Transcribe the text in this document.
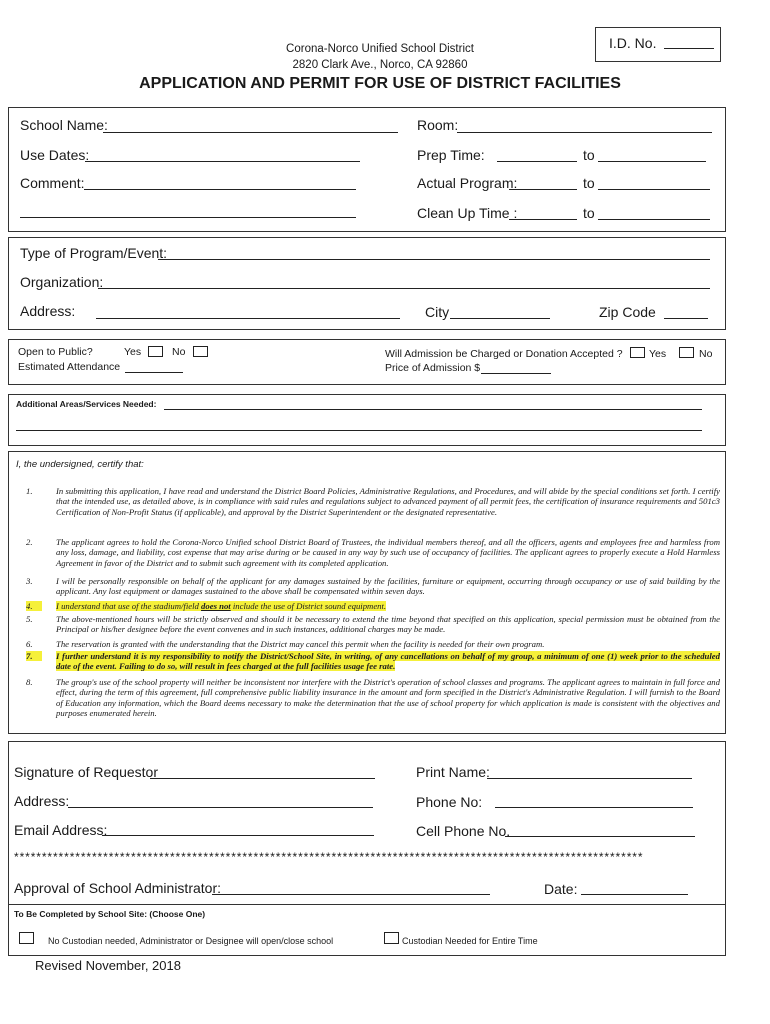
I.D. No.
Corona-Norco Unified School District
2820 Clark Ave., Norco, CA 92860
APPLICATION AND PERMIT FOR USE OF DISTRICT FACILITIES
School Name:	Room:
Use Dates:	Prep Time:	to
Comment:	Actual Program:	to
Clean Up Time :	to
Type of Program/Event:
Organization:
Address:	City	Zip Code
Open to Public?	Yes	No
Estimated Attendance
Will Admission be Charged or Donation Accepted ?	Yes	No
Price of Admission $
Additional Areas/Services Needed:
I, the undersigned, certify that:
1.	In submitting this application, I have read and understand the District Board Policies, Administrative Regulations, and Procedures, and will abide by the special conditions set forth. I certify that the intended use, as detailed above, is in compliance with said rules and regulations subject to advanced payment of all permit fees, the certification of insurance requirements and 501c3 Certification of Non-Profit Status (if applicable), and approval by the District Superintendent or the designated representative.
2.	The applicant agrees to hold the Corona-Norco Unified school District Board of Trustees, the individual members thereof, and all the officers, agents and employees free and harmless from any loss, damage, and liability, cost expense that may arise during or be caused in any way by such use of occupancy of facilities. The applicant agrees to properly execute a Hold Harmless Agreement in favor of the District and to submit such agreement with its completed application.
3.	I will be personally responsible on behalf of the applicant for any damages sustained by the facilities, furniture or equipment, occurring through occupancy or use of said building by the applicant. Any lost equipment or damages sustained to the above shall be compensated within seven days.
4.	I understand that use of the stadium/field does not include the use of District sound equipment.
5.	The above-mentioned hours will be strictly observed and should it be necessary to extend the time beyond that specified on this application, special permission must be obtained from the Principal or his/her designee before the event convenes and in such instances, additional charges may be made.
6.	The reservation is granted with the understanding that the District may cancel this permit when the facility is needed for their own program.
7.	I further understand it is my responsibility to notify the District/School Site, in writing, of any cancellations on behalf of my group, a minimum of one (1) week prior to the scheduled date of the event. Failing to do so, will result in fees charged at the full facilities usage fee rate.
8.	The group's use of the school property will neither be inconsistent nor interfere with the District's operation of school classes and programs. The applicant agrees to maintain in full force and effect, during the term of this agreement, full comprehensive public liability insurance in the amount and form specified in the District's Administrative Regulation. I will furnish to the Board of Education any information, which the Board deems necessary to make the determination that the use of school property for which application is made is consistent with the objectives and purposes enumerated herein.
Signature of Requestor	Print Name:
Address:	Phone No:
Email Address:	Cell Phone No.
*****************************************************************************************************************
Approval of School Administrator:	Date:
To Be Completed by School Site: (Choose One)
No Custodian needed, Administrator or Designee will open/close school	Custodian Needed for Entire Time
Revised November, 2018
